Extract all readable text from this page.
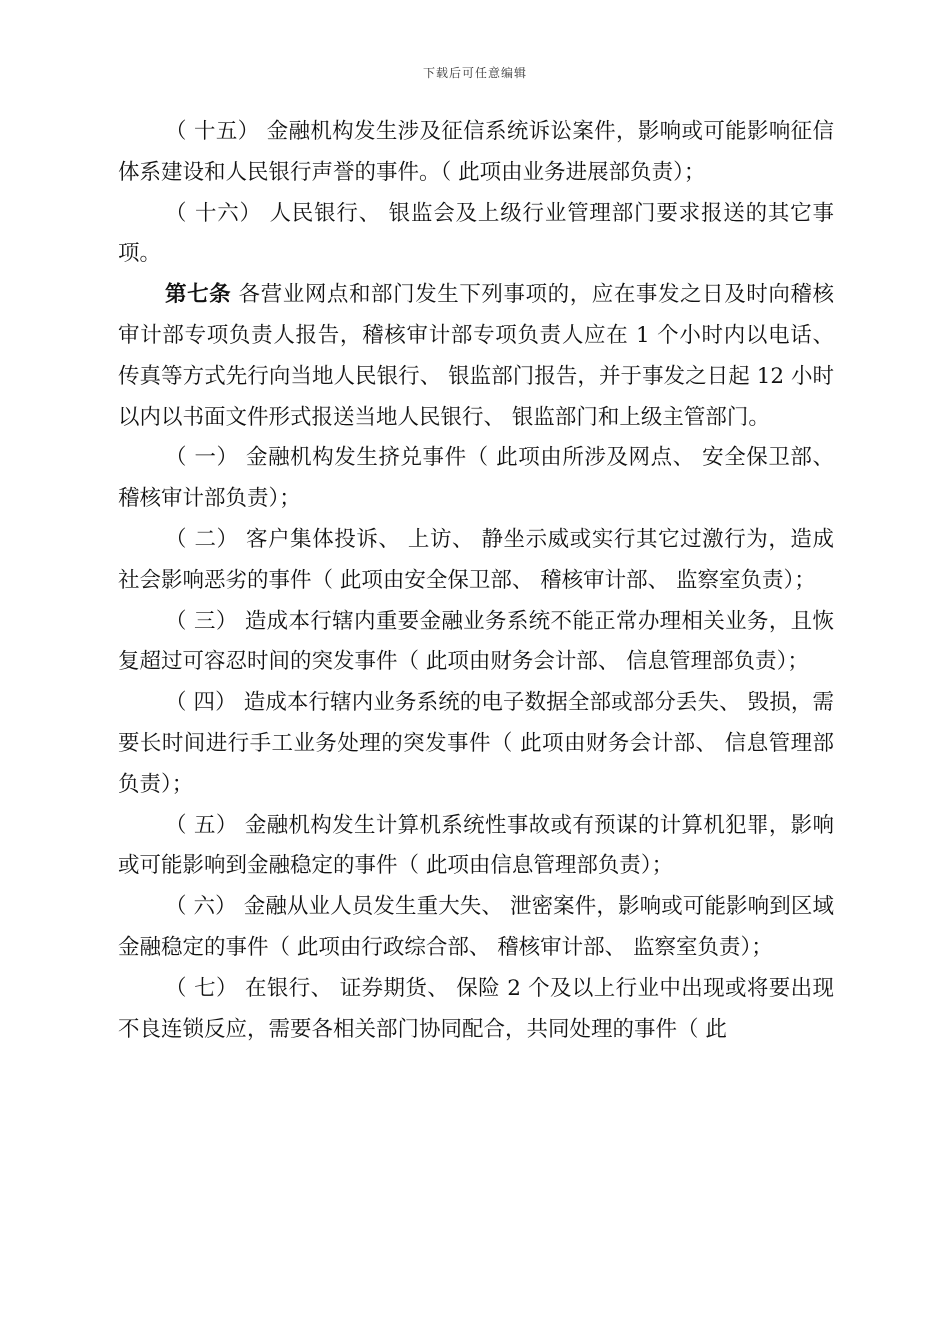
下载后可任意编辑

（ 十五） 金融机构发生涉及征信系统诉讼案件，影响或可能影响征信体系建设和人民银行声誉的事件。（ 此项由业务进展部负责）；

（ 十六） 人民银行、 银监会及上级行业管理部门要求报送的其它事项。

第七条 各营业网点和部门发生下列事项的，应在事发之日及时向稽核审计部专项负责人报告，稽核审计部专项负责人应在 1 个小时内以电话、 传真等方式先行向当地人民银行、 银监部门报告，并于事发之日起 12 小时以内以书面文件形式报送当地人民银行、 银监部门和上级主管部门。

（ 一） 金融机构发生挤兑事件（ 此项由所涉及网点、 安全保卫部、 稽核审计部负责）；

（ 二） 客户集体投诉、 上访、 静坐示威或实行其它过激行为，造成社会影响恶劣的事件（ 此项由安全保卫部、 稽核审计部、 监察室负责）；

（ 三） 造成本行辖内重要金融业务系统不能正常办理相关业务，且恢复超过可容忍时间的突发事件（ 此项由财务会计部、 信息管理部负责）；

（ 四） 造成本行辖内业务系统的电子数据全部或部分丢失、 毁损，需要长时间进行手工业务处理的突发事件（ 此项由财务会计部、 信息管理部负责）；

（ 五） 金融机构发生计算机系统性事故或有预谋的计算机犯罪，影响或可能影响到金融稳定的事件（ 此项由信息管理部负责）；

（ 六） 金融从业人员发生重大失、 泄密案件，影响或可能影响到区域金融稳定的事件（ 此项由行政综合部、 稽核审计部、 监察室负责）；

（ 七） 在银行、 证券期货、 保险 2 个及以上行业中出现或将要出现不良连锁反应，需要各相关部门协同配合，共同处理的事件（ 此
